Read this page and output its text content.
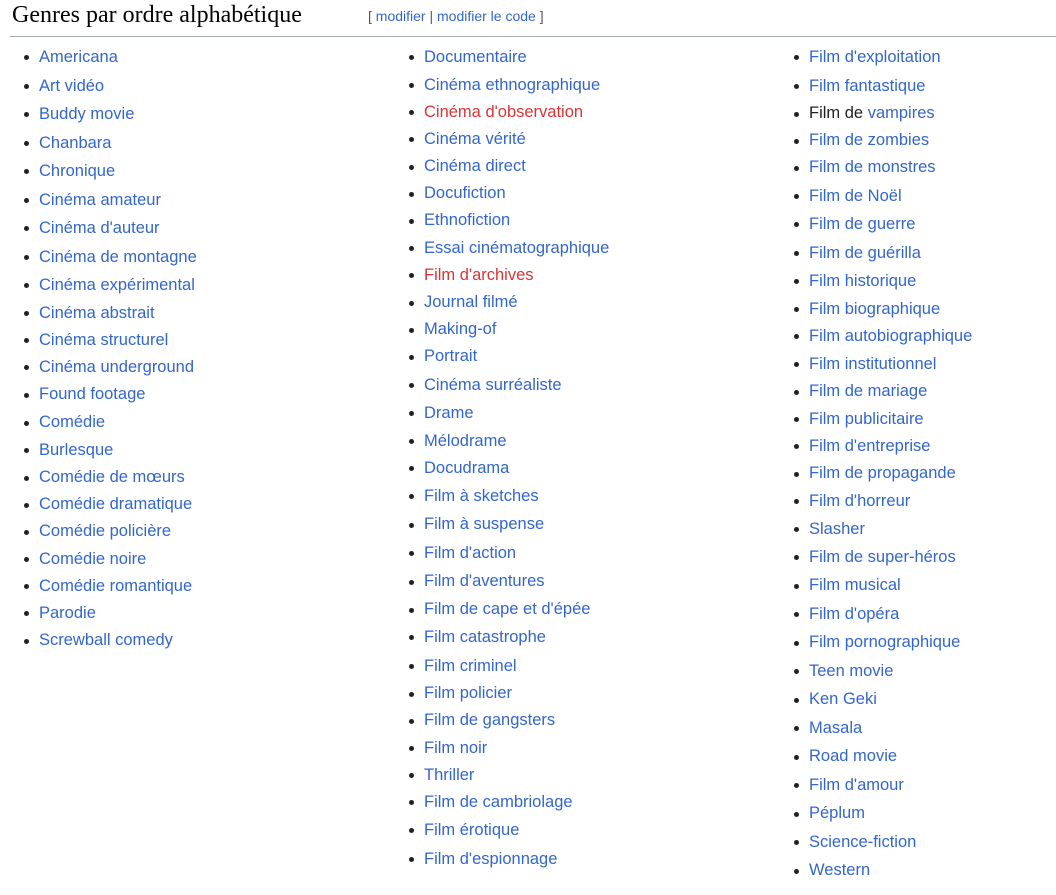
Genres par ordre alphabétique	[ modifier | modifier le code ]
Americana
Art vidéo
Buddy movie
Chanbara
Chronique
Cinéma amateur
Cinéma d'auteur
Cinéma de montagne
Cinéma expérimental
Cinéma abstrait
Cinéma structurel
Cinéma underground
Found footage
Comédie
Burlesque
Comédie de mœurs
Comédie dramatique
Comédie policière
Comédie noire
Comédie romantique
Parodie
Screwball comedy
Documentaire
Cinéma ethnographique
Cinéma d'observation
Cinéma vérité
Cinéma direct
Docufiction
Ethnofiction
Essai cinématographique
Film d'archives
Journal filmé
Making-of
Portrait
Cinéma surréaliste
Drame
Mélodrame
Docudrama
Film à sketches
Film à suspense
Film d'action
Film d'aventures
Film de cape et d'épée
Film catastrophe
Film criminel
Film policier
Film de gangsters
Film noir
Thriller
Film de cambriolage
Film érotique
Film d'espionnage
Film d'exploitation
Film fantastique
Film de vampires
Film de zombies
Film de monstres
Film de Noël
Film de guerre
Film de guérilla
Film historique
Film biographique
Film autobiographique
Film institutionnel
Film de mariage
Film publicitaire
Film d'entreprise
Film de propagande
Film d'horreur
Slasher
Film de super-héros
Film musical
Film d'opéra
Film pornographique
Teen movie
Ken Geki
Masala
Road movie
Film d'amour
Péplum
Science-fiction
Western
